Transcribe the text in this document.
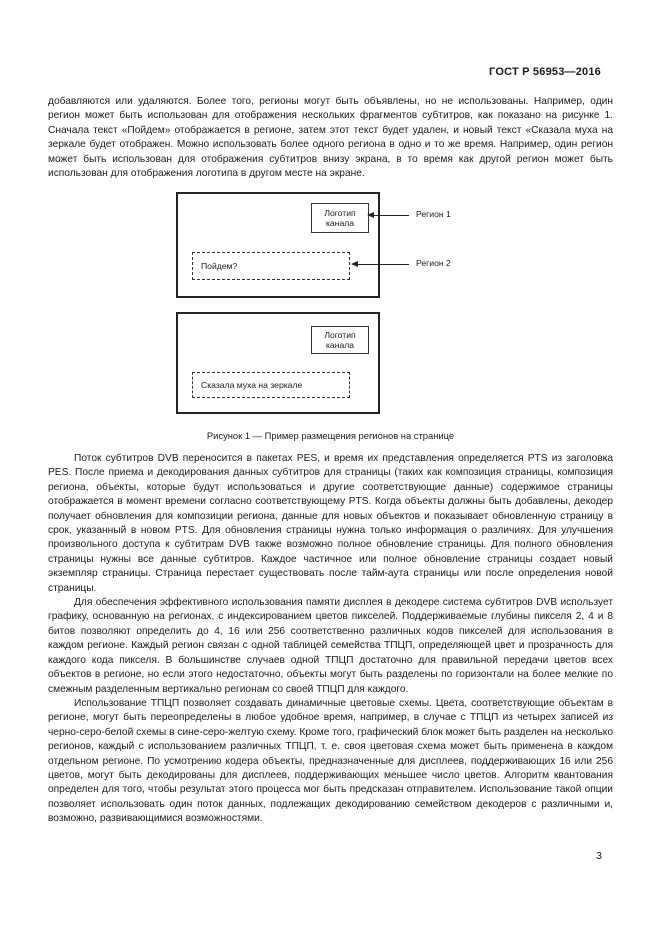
ГОСТ Р 56953—2016

добавляются или удаляются. Более того, регионы могут быть объявлены, но не использованы. Например, один регион может быть использован для отображения нескольких фрагментов субтитров, как показано на рисунке 1. Сначала текст «Пойдем» отображается в регионе, затем этот текст будет удален, и новый текст «Сказала муха на зеркале будет отображен. Можно использовать более одного региона в одно и то же время. Например, один регион может быть использован для отображения субтитров внизу экрана, в то время как другой регион может быть использован для отображения логотипа в другом месте на экране.

Логотип канала
Пойдем?
Регион 1
Регион 2
Логотип канала
Сказала муха на зеркале
Рисунок 1 — Пример размещения регионов на странице

Поток субтитров DVB переносится в пакетах PES, и время их представления определяется PTS из заголовка PES. После приема и декодирования данных субтитров для страницы (таких как композиция страницы, композиция региона, объекты, которые будут использоваться и другие соответствующие данные) содержимое страницы отображается в момент времени согласно соответствующему PTS. Когда объекты должны быть добавлены, декодер получает обновления для композиции региона, данные для новых объектов и показывает обновленную страницу в срок, указанный в новом PTS. Для обновления страницы нужна только информация о различиях. Для улучшения произвольного доступа к субтитрам DVB также возможно полное обновление страницы. Для полного обновления страницы нужны все данные субтитров. Каждое частичное или полное обновление страницы создает новый экземпляр страницы. Страница перестает существовать после тайм-аута страницы или после определения новой страницы.

Для обеспечения эффективного использования памяти дисплея в декодере система субтитров DVB использует графику, основанную на регионах, с индексированием цветов пикселей. Поддерживаемые глубины пикселя 2, 4 и 8 битов позволяют определить до 4, 16 или 256 соответственно различных кодов пикселей для использования в каждом регионе. Каждый регион связан с одной таблицей семейства ТПЦП, определяющей цвет и прозрачность для каждого кода пикселя. В большинстве случаев одной ТПЦП достаточно для правильной передачи цветов всех объектов в регионе, но если этого недостаточно, объекты могут быть разделены по горизонтали на более мелкие по смежным разделенным вертикально регионам со своей ТПЦП для каждого.

Использование ТПЦП позволяет создавать динамичные цветовые схемы. Цвета, соответствующие объектам в регионе, могут быть переопределены в любое удобное время, например, в случае с ТПЦП из четырех записей из черно-серо-белой схемы в сине-серо-желтую схему. Кроме того, графический блок может быть разделен на несколько регионов, каждый с использованием различных ТПЦП, т. е. своя цветовая схема может быть применена в каждом отдельном регионе. По усмотрению кодера объекты, предназначенные для дисплеев, поддерживающих 16 или 256 цветов, могут быть декодированы для дисплеев, поддерживающих меньшее число цветов. Алгоритм квантования определен для того, чтобы результат этого процесса мог быть предсказан отправителем. Использование такой опции позволяет использовать один поток данных, подлежащих декодированию семейством декодеров с различными и, возможно, развивающимися возможностями.

3
